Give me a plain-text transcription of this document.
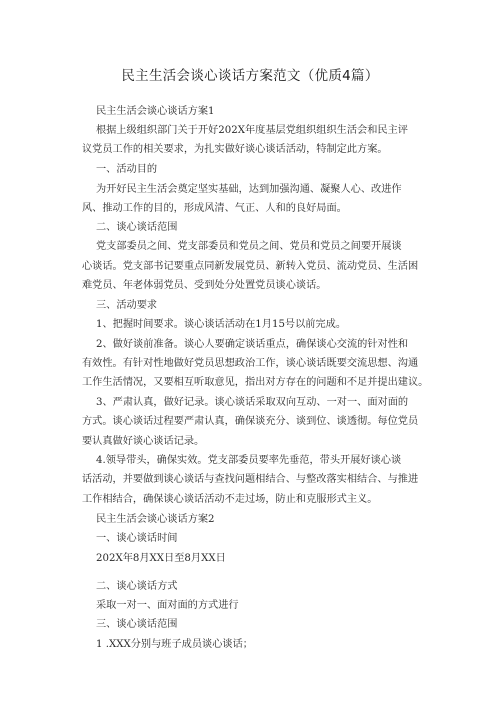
民主生活会谈心谈话方案范文（优质4篇）
民主生活会谈心谈话方案1
根据上级组织部门关于开好202X年度基层党组织组织生活会和民主评
议党员工作的相关要求，为扎实做好谈心谈话活动，特制定此方案。
一、活动目的
为开好民主生活会奠定坚实基础，达到加强沟通、凝聚人心、改进作
风、推动工作的目的，形成风清、气正、人和的良好局面。
二、谈心谈话范围
党支部委员之间、党支部委员和党员之间、党员和党员之间要开展谈
心谈话。党支部书记要重点同新发展党员、新转入党员、流动党员、生活困
难党员、年老体弱党员、受到处分处置党员谈心谈话。
三、活动要求
1、把握时间要求。谈心谈话活动在1月15号以前完成。
2、做好谈前准备。谈心人要确定谈话重点，确保谈心交流的针对性和
有效性。有针对性地做好党员思想政治工作，谈心谈话既要交流思想、沟通
工作生活情况，又要相互听取意见，指出对方存在的问题和不足并提出建议。
3、严肃认真，做好记录。谈心谈话采取双向互动、一对一、面对面的
方式。谈心谈话过程要严肃认真，确保谈充分、谈到位、谈透彻。每位党员
要认真做好谈心谈话记录。
4.领导带头，确保实效。党支部委员要率先垂范，带头开展好谈心谈
话活动，并要做到谈心谈话与查找问题相结合、与整改落实相结合、与推进
工作相结合，确保谈心谈话活动不走过场，防止和克服形式主义。
民主生活会谈心谈话方案2
一、谈心谈话时间
202X年8月XX日至8月XX日
二、谈心谈话方式
采取一对一、面对面的方式进行
三、谈心谈话范围
1 .XXX分别与班子成员谈心谈话；
